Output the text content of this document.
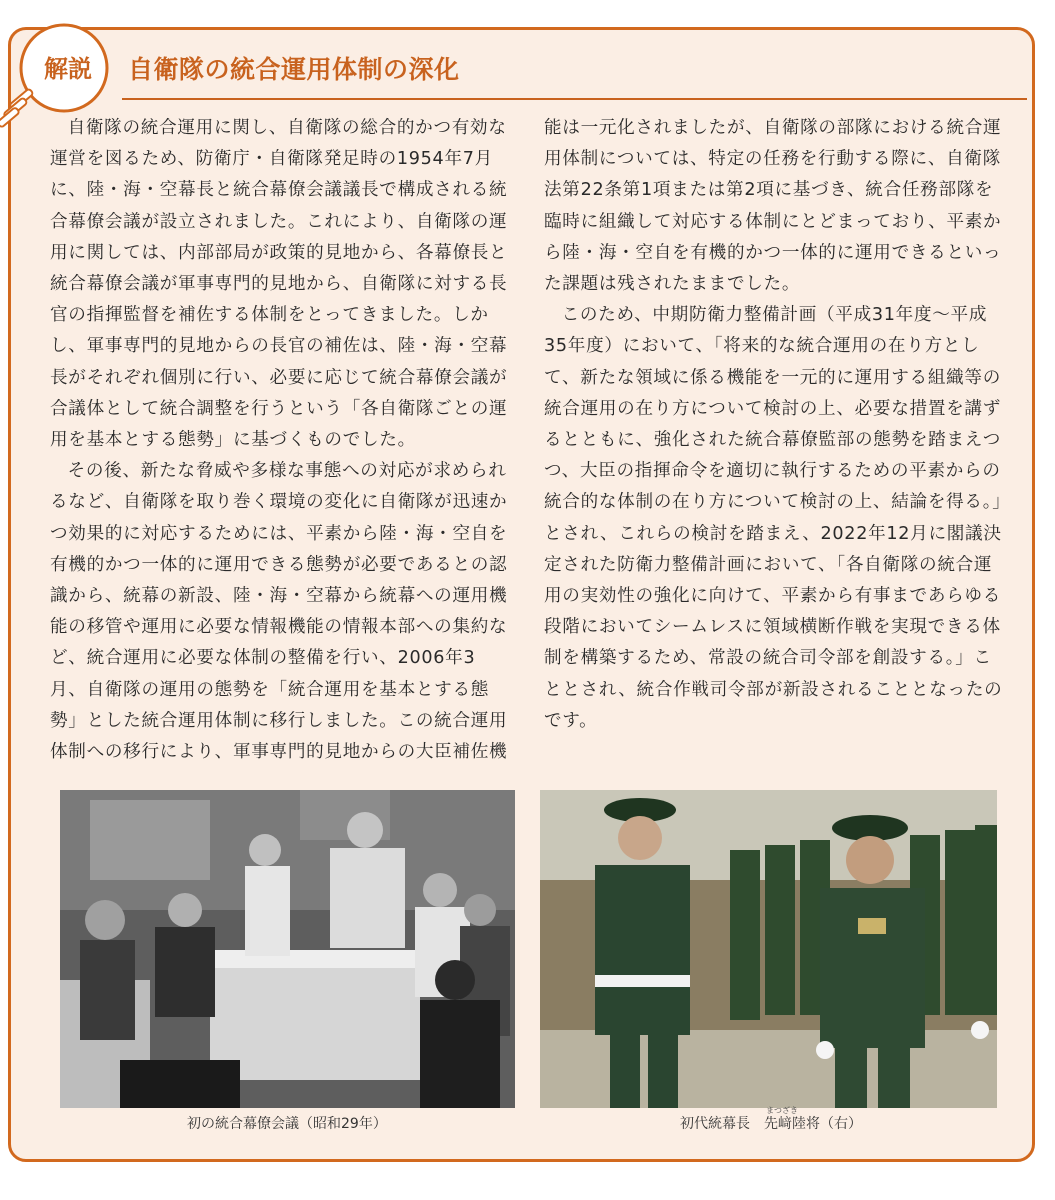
解説 自衛隊の統合運用体制の深化

自衛隊の統合運用に関し、自衛隊の総合的かつ有効な運営を図るため、防衛庁・自衛隊発足時の1954年7月に、陸・海・空幕長と統合幕僚会議議長で構成される統合幕僚会議が設立されました。これにより、自衛隊の運用に関しては、内部部局が政策的見地から、各幕僚長と統合幕僚会議が軍事専門的見地から、自衛隊に対する長官の指揮監督を補佐する体制をとってきました。しかし、軍事専門的見地からの長官の補佐は、陸・海・空幕長がそれぞれ個別に行い、必要に応じて統合幕僚会議が合議体として統合調整を行うという「各自衛隊ごとの運用を基本とする態勢」に基づくものでした。

その後、新たな脅威や多様な事態への対応が求められるなど、自衛隊を取り巻く環境の変化に自衛隊が迅速かつ効果的に対応するためには、平素から陸・海・空自を有機的かつ一体的に運用できる態勢が必要であるとの認識から、統幕の新設、陸・海・空幕から統幕への運用機能の移管や運用に必要な情報機能の情報本部への集約など、統合運用に必要な体制の整備を行い、2006年3月、自衛隊の運用の態勢を「統合運用を基本とする態勢」とした統合運用体制に移行しました。この統合運用体制への移行により、軍事専門的見地からの大臣補佐機

能は一元化されましたが、自衛隊の部隊における統合運用体制については、特定の任務を行動する際に、自衛隊法第22条第1項または第2項に基づき、統合任務部隊を臨時に組織して対応する体制にとどまっており、平素から陸・海・空自を有機的かつ一体的に運用できるといった課題は残されたままでした。

このため、中期防衛力整備計画（平成31年度〜平成35年度）において、「将来的な統合運用の在り方として、新たな領域に係る機能を一元的に運用する組織等の統合運用の在り方について検討の上、必要な措置を講ずるとともに、強化された統合幕僚監部の態勢を踏まえつつ、大臣の指揮命令を適切に執行するための平素からの統合的な体制の在り方について検討の上、結論を得る。」とされ、これらの検討を踏まえ、2022年12月に閣議決定された防衛力整備計画において、「各自衛隊の統合運用の実効性の強化に向けて、平素から有事まであらゆる段階においてシームレスに領域横断作戦を実現できる体制を構築するため、常設の統合司令部を創設する。」こととされ、統合作戦司令部が新設されることとなったのです。

初の統合幕僚会議（昭和29年）	初代統幕長　
まつざき
先﨑陸将（右）
